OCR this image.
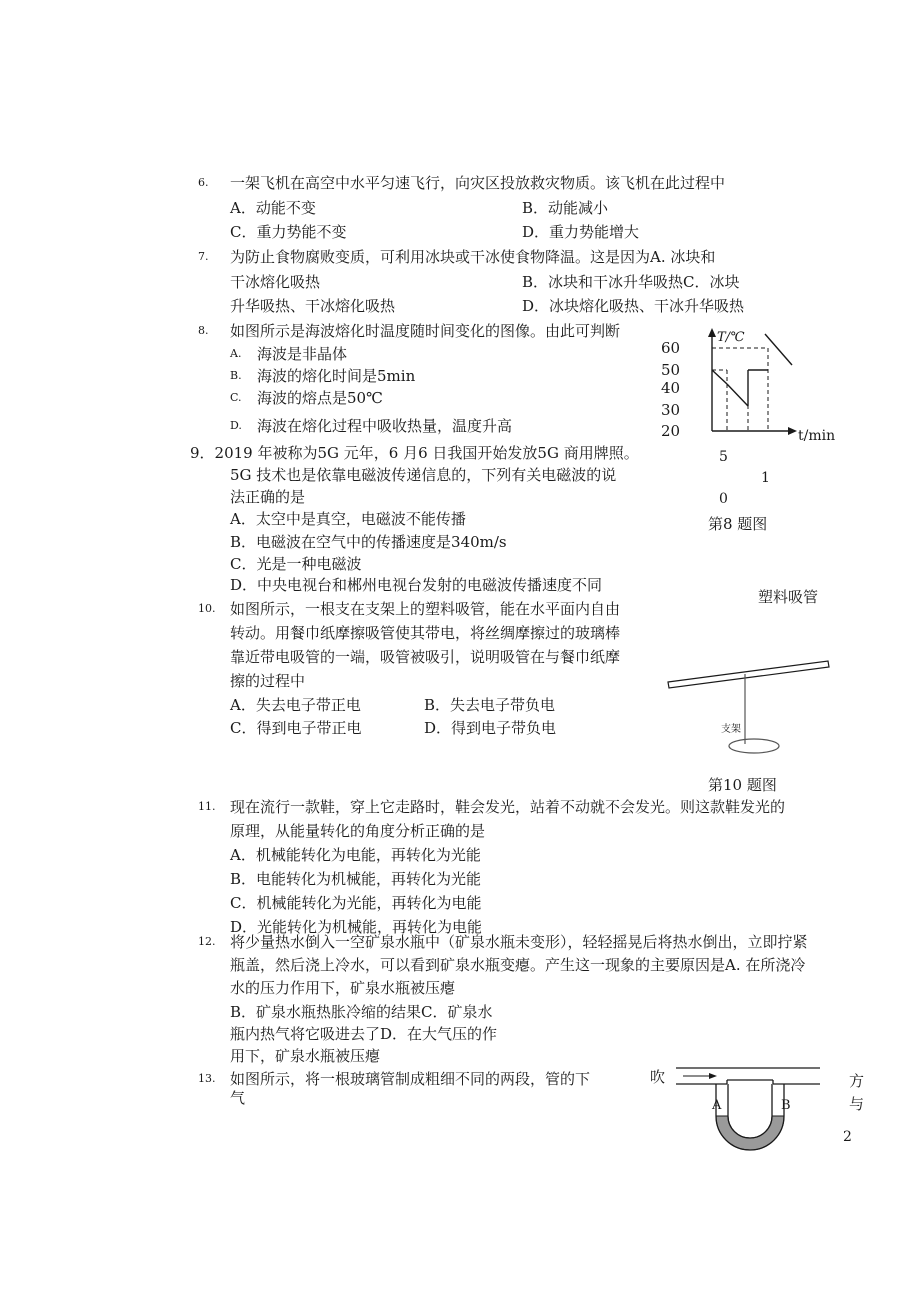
6. 一架飞机在高空中水平匀速飞行，向灾区投放救灾物质。该飞机在此过程中
A．动能不变	B．动能减小
C．重力势能不变	D．重力势能增大
7. 为防止食物腐败变质，可利用冰块或干冰使食物降温。这是因为A. 冰块和
干冰熔化吸热	B．冰块和干冰升华吸热C．冰块
升华吸热、干冰熔化吸热	D．冰块熔化吸热、干冰升华吸热
8. 如图所示是海波熔化时温度随时间变化的图像。由此可判断
A. 海波是非晶体
B. 海波的熔化时间是5min
C. 海波的熔点是50℃
D. 海波在熔化过程中吸收热量，温度升高
T/℃
60
50
40
30
20	t/min
5
1
0
第8 题图
9．2019 年被称为5G 元年，6 月6 日我国开始发放5G 商用牌照。
5G 技术也是依靠电磁波传递信息的，下列有关电磁波的说
法正确的是
A．太空中是真空，电磁波不能传播
B．电磁波在空气中的传播速度是340m/s
C．光是一种电磁波
D．中央电视台和郴州电视台发射的电磁波传播速度不同
10. 如图所示，一根支在支架上的塑料吸管，能在水平面内自由
转动。用餐巾纸摩擦吸管使其带电，将丝绸摩擦过的玻璃棒
靠近带电吸管的一端，吸管被吸引，说明吸管在与餐巾纸摩
擦的过程中
A．失去电子带正电	B．失去电子带负电
C．得到电子带正电	D．得到电子带负电
塑料吸管
支架
第10 题图
11. 现在流行一款鞋，穿上它走路时，鞋会发光，站着不动就不会发光。则这款鞋发光的
原理，从能量转化的角度分析正确的是
A．机械能转化为电能，再转化为光能
B．电能转化为机械能，再转化为光能
C．机械能转化为光能，再转化为电能
D．光能转化为机械能，再转化为电能
12. 将少量热水倒入一空矿泉水瓶中（矿泉水瓶未变形），轻轻摇晃后将热水倒出，立即拧紧
瓶盖，然后浇上冷水，可以看到矿泉水瓶变瘪。产生这一现象的主要原因是A. 在所浇冷
水的压力作用下，矿泉水瓶被压瘪
B．矿泉水瓶热胀冷缩的结果C．矿泉水
瓶内热气将它吸进去了D．在大气压的作
用下，矿泉水瓶被压瘪
13. 如图所示，将一根玻璃管制成粗细不同的两段，管的下
气
吹
A	B
方
与
2
